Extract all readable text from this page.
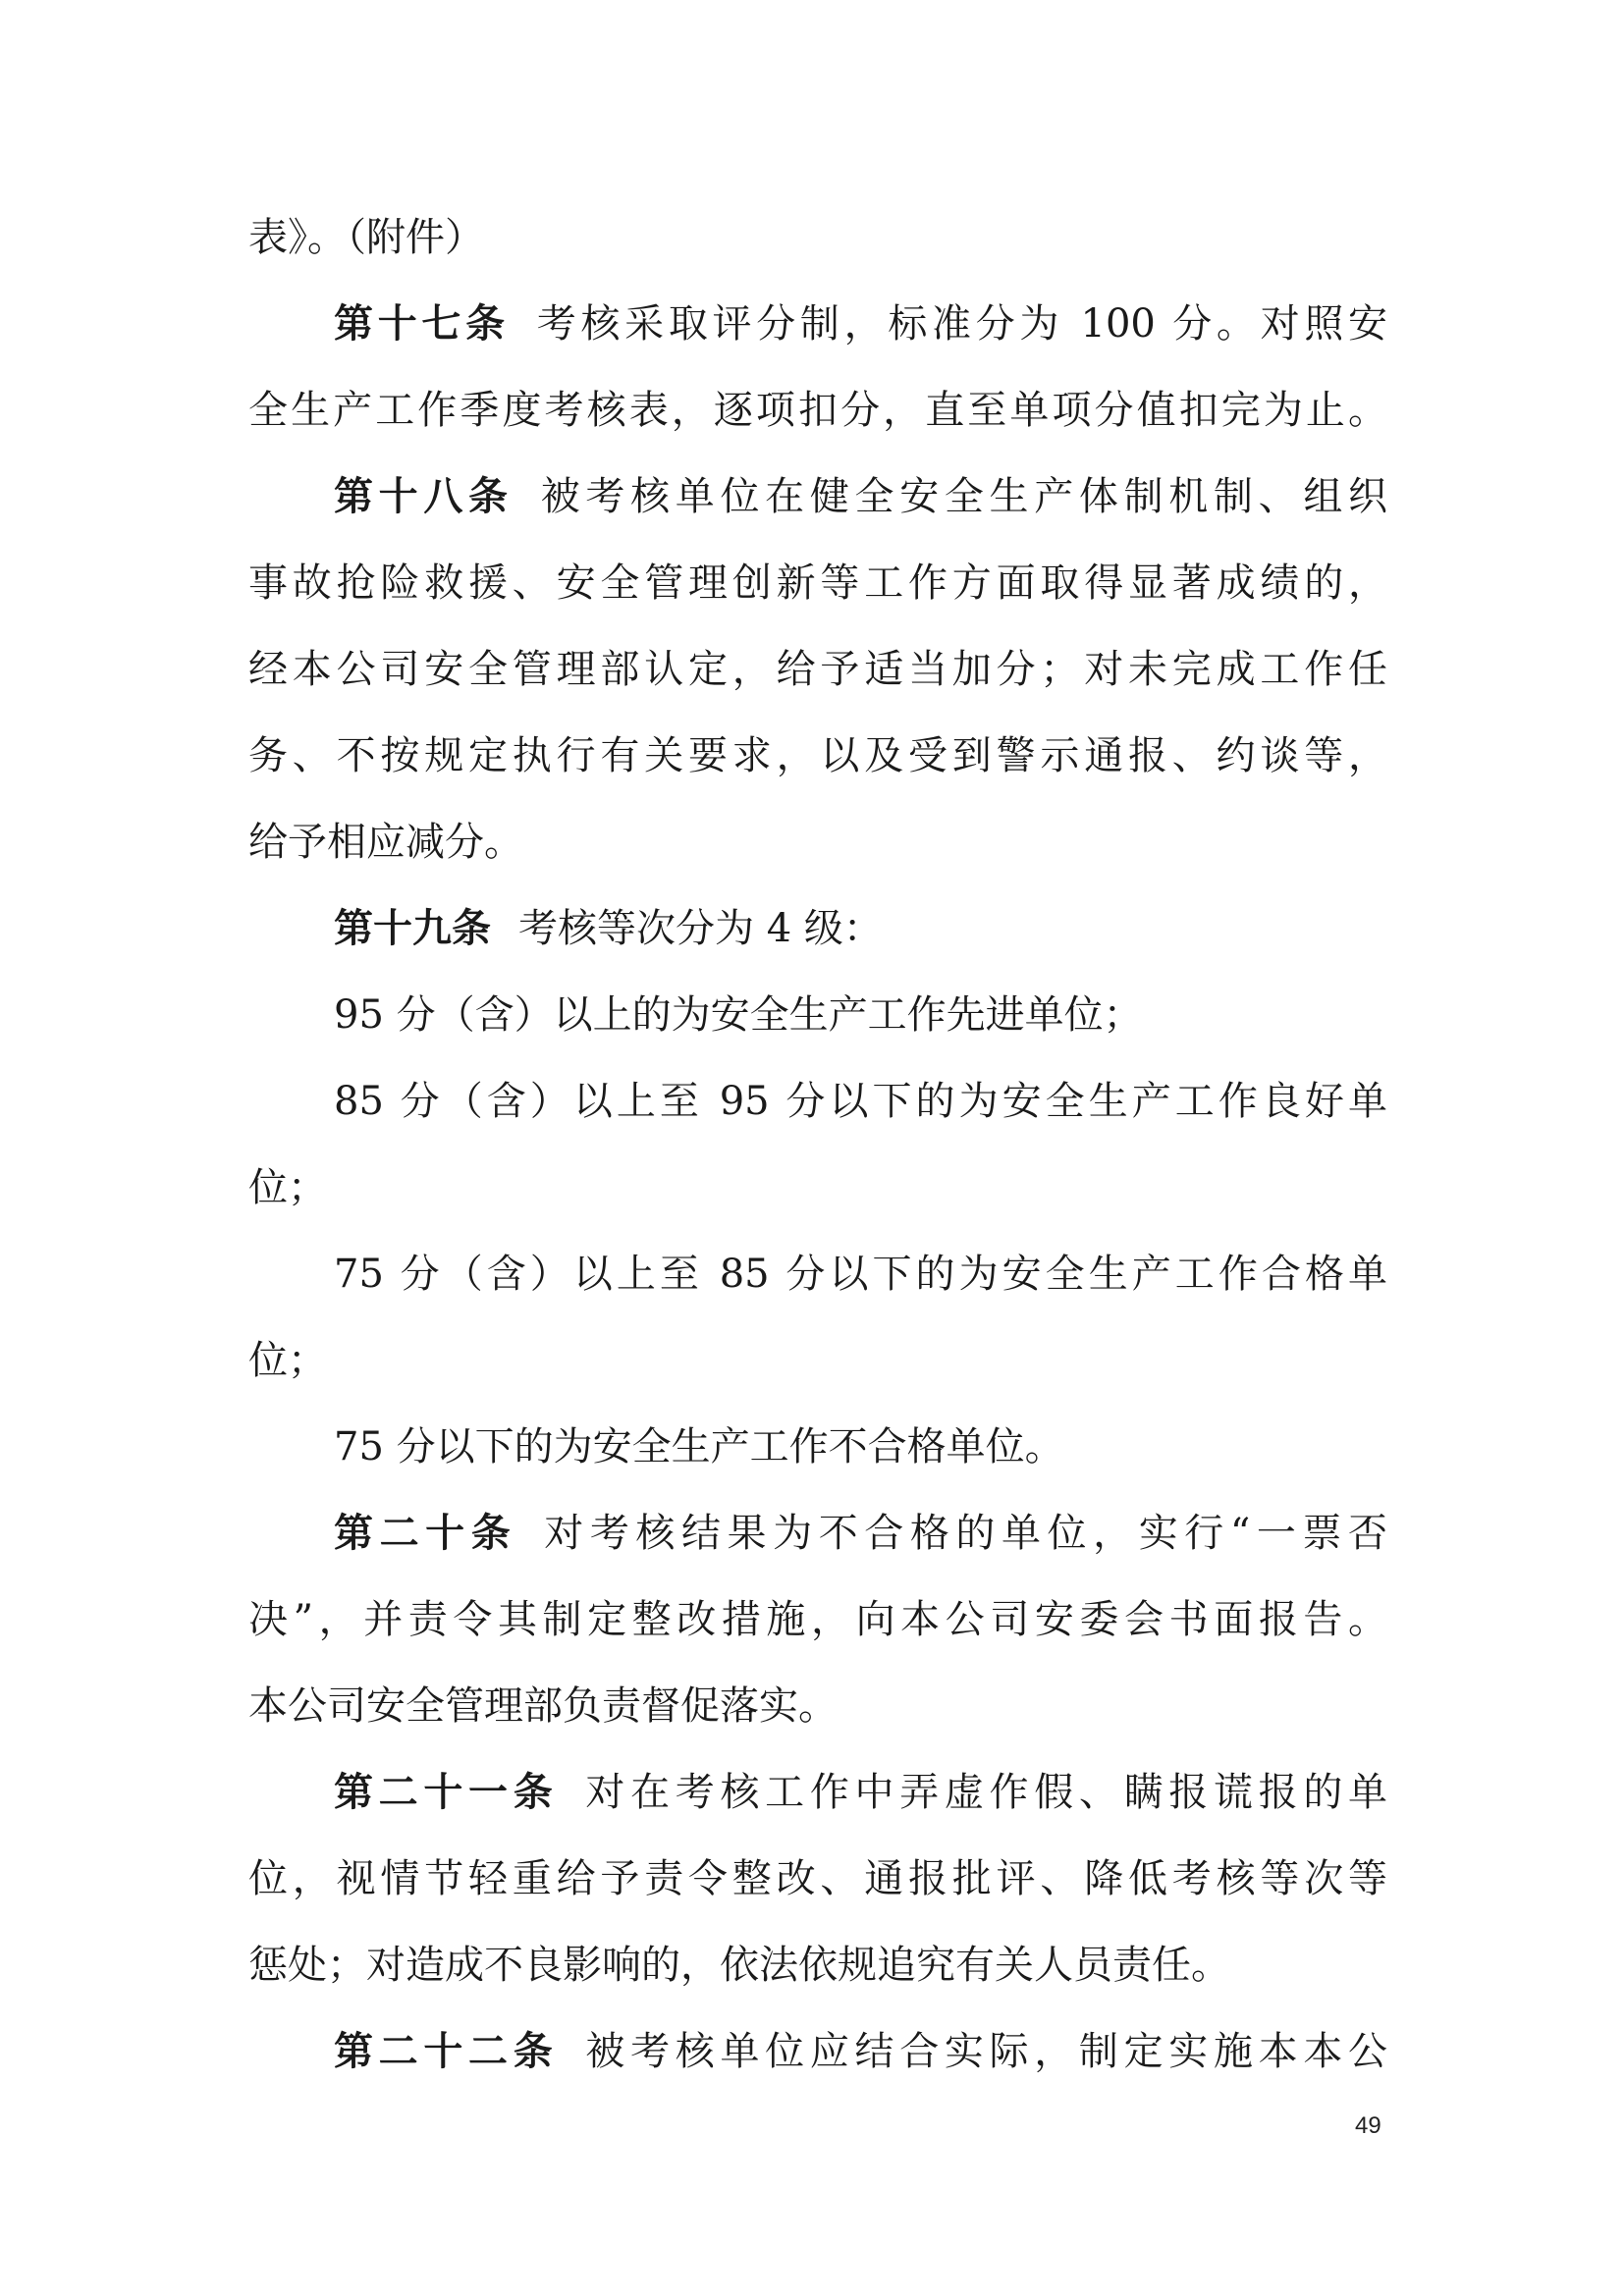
表》。（附件）
第十七条 考核采取评分制，标准分为 100 分。对照安
全生产工作季度考核表，逐项扣分，直至单项分值扣完为止。
第十八条 被考核单位在健全安全生产体制机制、组织
事故抢险救援、安全管理创新等工作方面取得显著成绩的，
经本公司安全管理部认定，给予适当加分；对未完成工作任
务、不按规定执行有关要求，以及受到警示通报、约谈等，
给予相应减分。
第十九条 考核等次分为 4 级：
95 分（含）以上的为安全生产工作先进单位；
85 分（含）以上至 95 分以下的为安全生产工作良好单
位；
75 分（含）以上至 85 分以下的为安全生产工作合格单
位；
75 分以下的为安全生产工作不合格单位。
第二十条 对考核结果为不合格的单位，实行“一票否
决”，并责令其制定整改措施，向本公司安委会书面报告。
本公司安全管理部负责督促落实。
第二十一条 对在考核工作中弄虚作假、瞒报谎报的单
位，视情节轻重给予责令整改、通报批评、降低考核等次等
惩处；对造成不良影响的，依法依规追究有关人员责任。
第二十二条 被考核单位应结合实际，制定实施本本公
49
